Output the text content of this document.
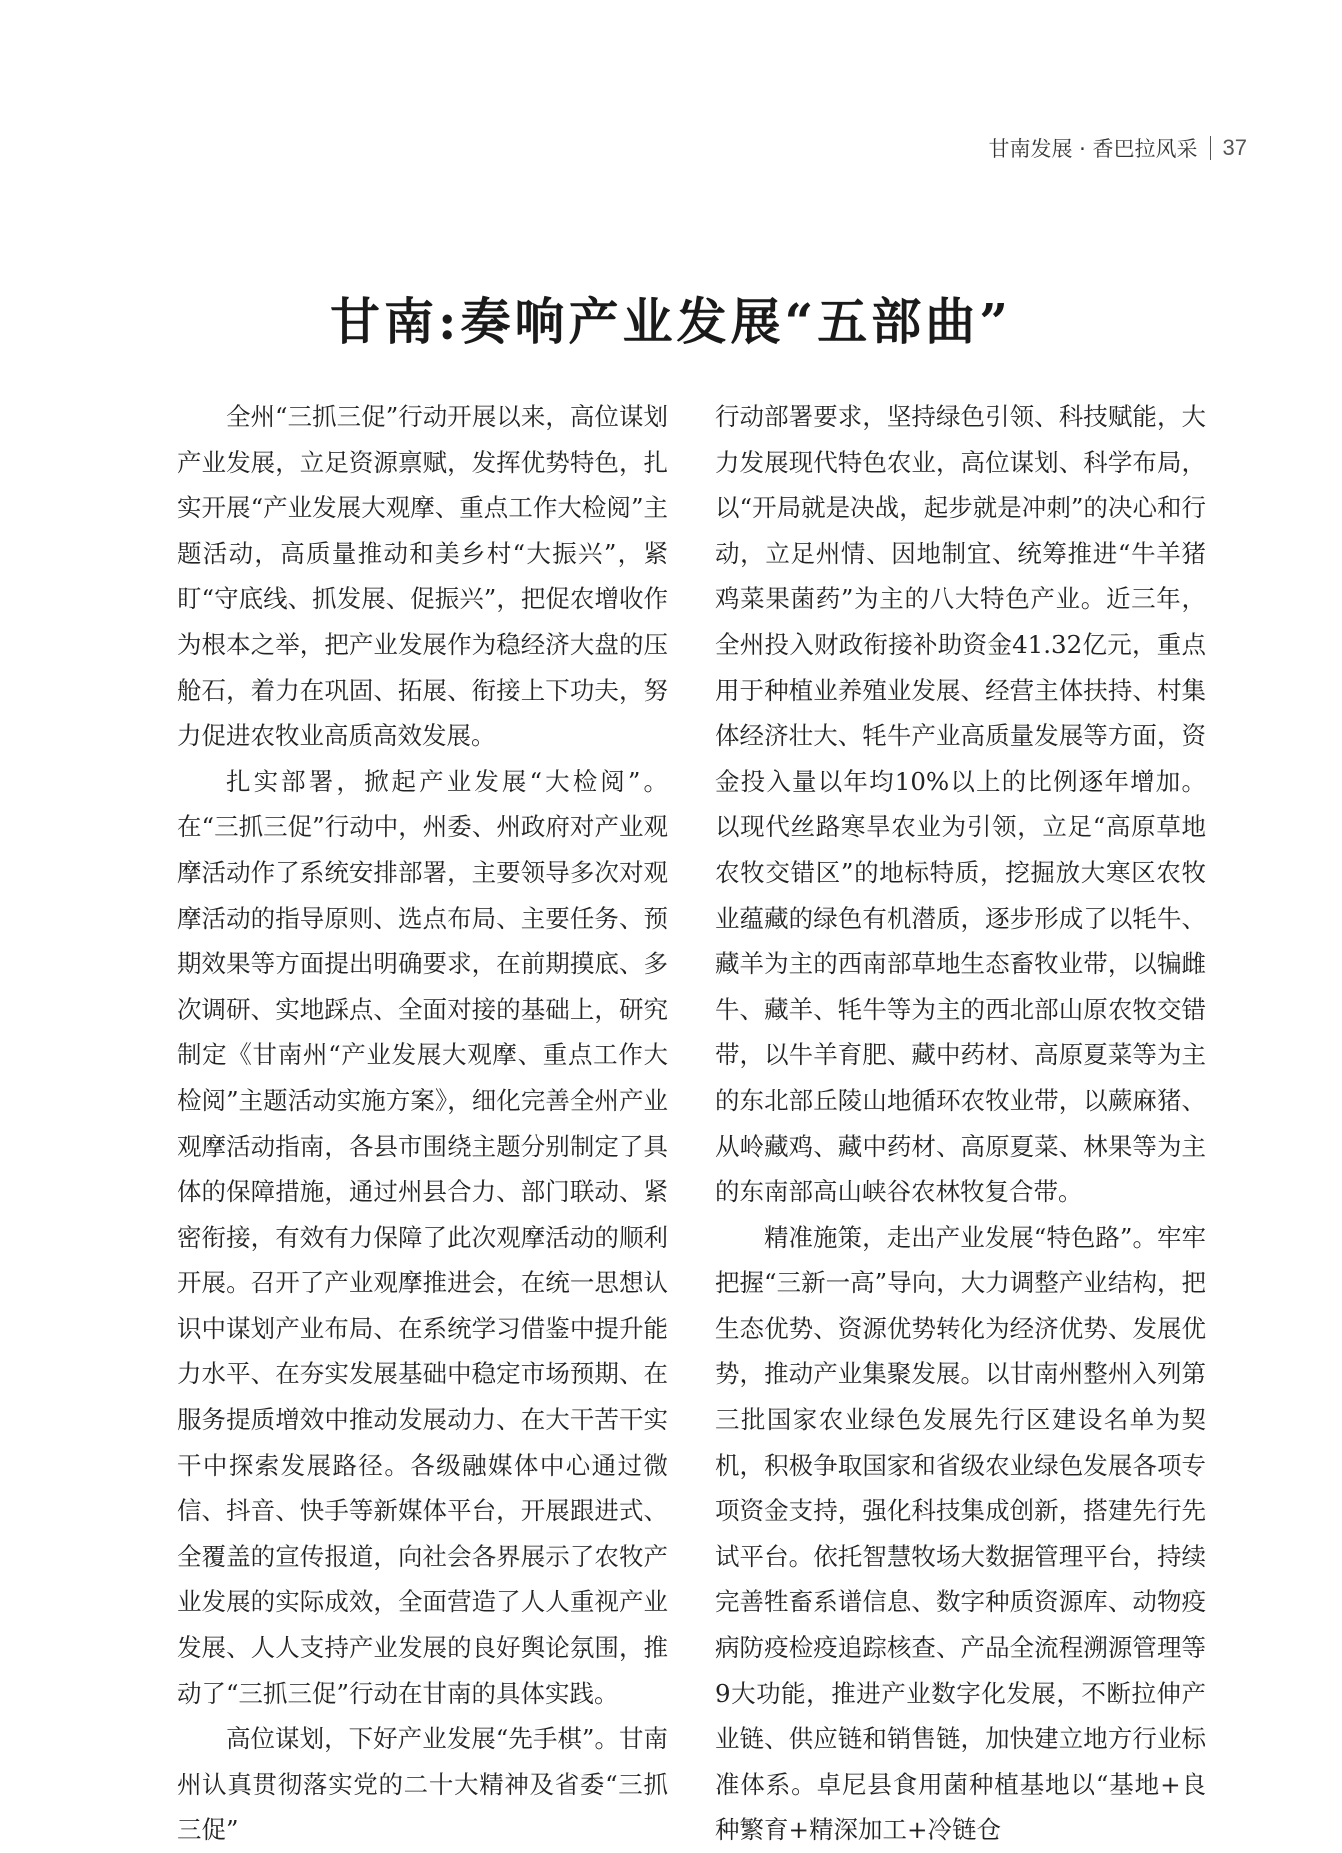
甘南发展 · 香巴拉风采 37
甘南:奏响产业发展“五部曲”

全州“三抓三促”行动开展以来，高位谋划产业发展，立足资源禀赋，发挥优势特色，扎实开展“产业发展大观摩、重点工作大检阅”主题活动，高质量推动和美乡村“大振兴”，紧盯“守底线、抓发展、促振兴”，把促农增收作为根本之举，把产业发展作为稳经济大盘的压舱石，着力在巩固、拓展、衔接上下功夫，努力促进农牧业高质高效发展。

扎实部署，掀起产业发展“大检阅”。在“三抓三促”行动中，州委、州政府对产业观摩活动作了系统安排部署，主要领导多次对观摩活动的指导原则、选点布局、主要任务、预期效果等方面提出明确要求，在前期摸底、多次调研、实地踩点、全面对接的基础上，研究制定《甘南州“产业发展大观摩、重点工作大检阅”主题活动实施方案》，细化完善全州产业观摩活动指南，各县市围绕主题分别制定了具体的保障措施，通过州县合力、部门联动、紧密衔接，有效有力保障了此次观摩活动的顺利开展。召开了产业观摩推进会，在统一思想认识中谋划产业布局、在系统学习借鉴中提升能力水平、在夯实发展基础中稳定市场预期、在服务提质增效中推动发展动力、在大干苦干实干中探索发展路径。各级融媒体中心通过微信、抖音、快手等新媒体平台，开展跟进式、全覆盖的宣传报道，向社会各界展示了农牧产业发展的实际成效，全面营造了人人重视产业发展、人人支持产业发展的良好舆论氛围，推动了“三抓三促”行动在甘南的具体实践。

高位谋划，下好产业发展“先手棋”。甘南州认真贯彻落实党的二十大精神及省委“三抓三促”

行动部署要求，坚持绿色引领、科技赋能，大力发展现代特色农业，高位谋划、科学布局，以“开局就是决战，起步就是冲刺”的决心和行动，立足州情、因地制宜、统筹推进“牛羊猪鸡菜果菌药”为主的八大特色产业。近三年，全州投入财政衔接补助资金41.32亿元，重点用于种植业养殖业发展、经营主体扶持、村集体经济壮大、牦牛产业高质量发展等方面，资金投入量以年均10%以上的比例逐年增加。以现代丝路寒旱农业为引领，立足“高原草地农牧交错区”的地标特质，挖掘放大寒区农牧业蕴藏的绿色有机潜质，逐步形成了以牦牛、藏羊为主的西南部草地生态畜牧业带，以犏雌牛、藏羊、牦牛等为主的西北部山原农牧交错带，以牛羊育肥、藏中药材、高原夏菜等为主的东北部丘陵山地循环农牧业带，以蕨麻猪、从岭藏鸡、藏中药材、高原夏菜、林果等为主的东南部高山峡谷农林牧复合带。

精准施策，走出产业发展“特色路”。牢牢把握“三新一高”导向，大力调整产业结构，把生态优势、资源优势转化为经济优势、发展优势，推动产业集聚发展。以甘南州整州入列第三批国家农业绿色发展先行区建设名单为契机，积极争取国家和省级农业绿色发展各项专项资金支持，强化科技集成创新，搭建先行先试平台。依托智慧牧场大数据管理平台，持续完善牲畜系谱信息、数字种质资源库、动物疫病防疫检疫追踪核查、产品全流程溯源管理等9大功能，推进产业数字化发展，不断拉伸产业链、供应链和销售链，加快建立地方行业标准体系。卓尼县食用菌种植基地以“基地+良种繁育+精深加工+冷链仓
